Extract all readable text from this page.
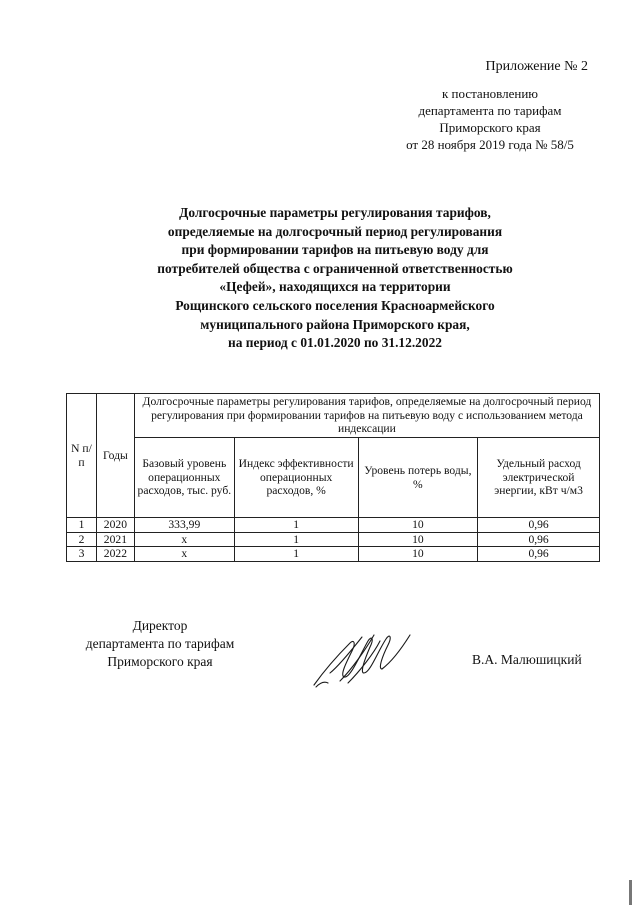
Приложение № 2
к постановлению
департамента по тарифам
Приморского края
от 28 ноября 2019 года № 58/5
Долгосрочные параметры регулирования тарифов,
определяемые на долгосрочный период регулирования
при формировании тарифов на питьевую воду для
потребителей общества с ограниченной ответственностью
«Цефей», находящихся на территории
Рощинского сельского поселения Красноармейского
муниципального района Приморского края,
на период с 01.01.2020 по 31.12.2022
N п/п	Годы	Долгосрочные параметры регулирования тарифов, определяемые на долгосрочный период регулирования при формировании тарифов на питьевую воду с использованием метода индексации			
		Базовый уровень операционных расходов, тыс. руб.	Индекс эффективности операционных расходов, %	Уровень потерь воды, %	Удельный расход электрической энергии, кВт ч/м3
1	2020	333,99	1	10	0,96
2	2021	х	1	10	0,96
3	2022	х	1	10	0,96
Директор
департамента по тарифам
Приморского края	В.А. Малюшицкий
